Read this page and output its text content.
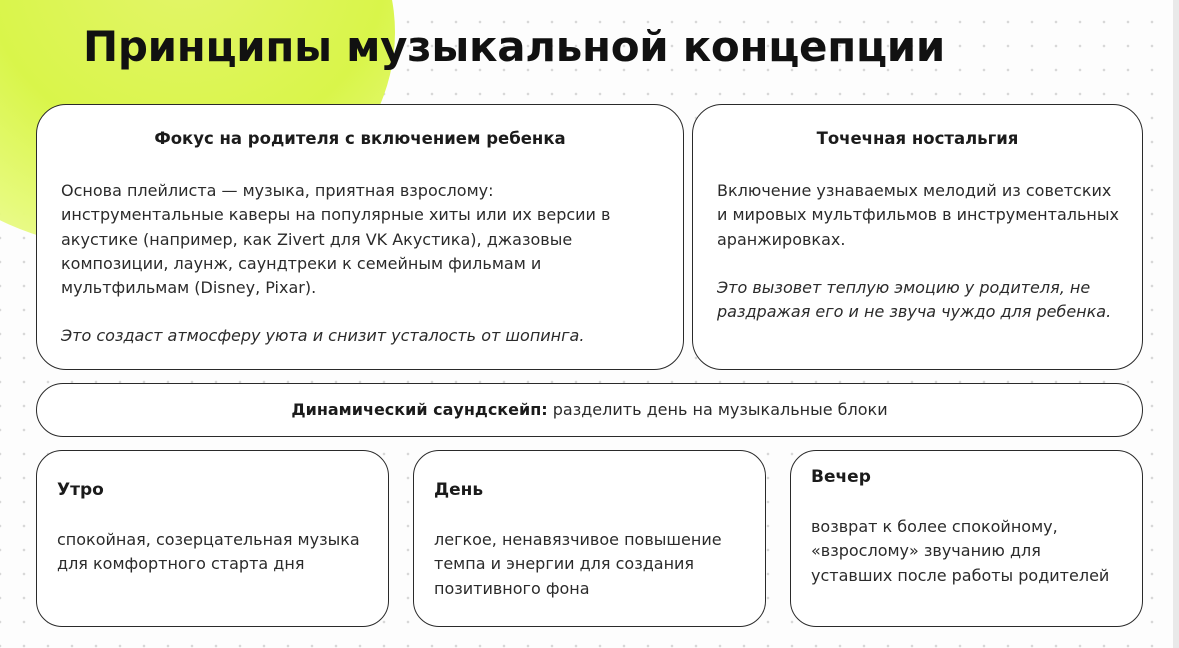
Принципы музыкальной концепции
Фокус на родителя с включением ребенка

Основа плейлиста — музыка, приятная взрослому: инструментальные каверы на популярные хиты или их версии в акустике (например, как Zivert для VK Акустика), джазовые композиции, лаунж, саундтреки к семейным фильмам и мультфильмам (Disney, Pixar).

Это создаст атмосферу уюта и снизит усталость от шопинга.

Точечная ностальгия

Включение узнаваемых мелодий из советских и мировых мультфильмов в инструментальных аранжировках.

Это вызовет теплую эмоцию у родителя, не раздражая его и не звуча чуждо для ребенка.

Динамический саундскейп: разделить день на музыкальные блоки
Утро
спокойная, созерцательная музыка для комфортного старта дня
День
легкое, ненавязчивое повышение темпа и энергии для создания позитивного фона
Вечер
возврат к более спокойному, «взрослому» звучанию для уставших после работы родителей
